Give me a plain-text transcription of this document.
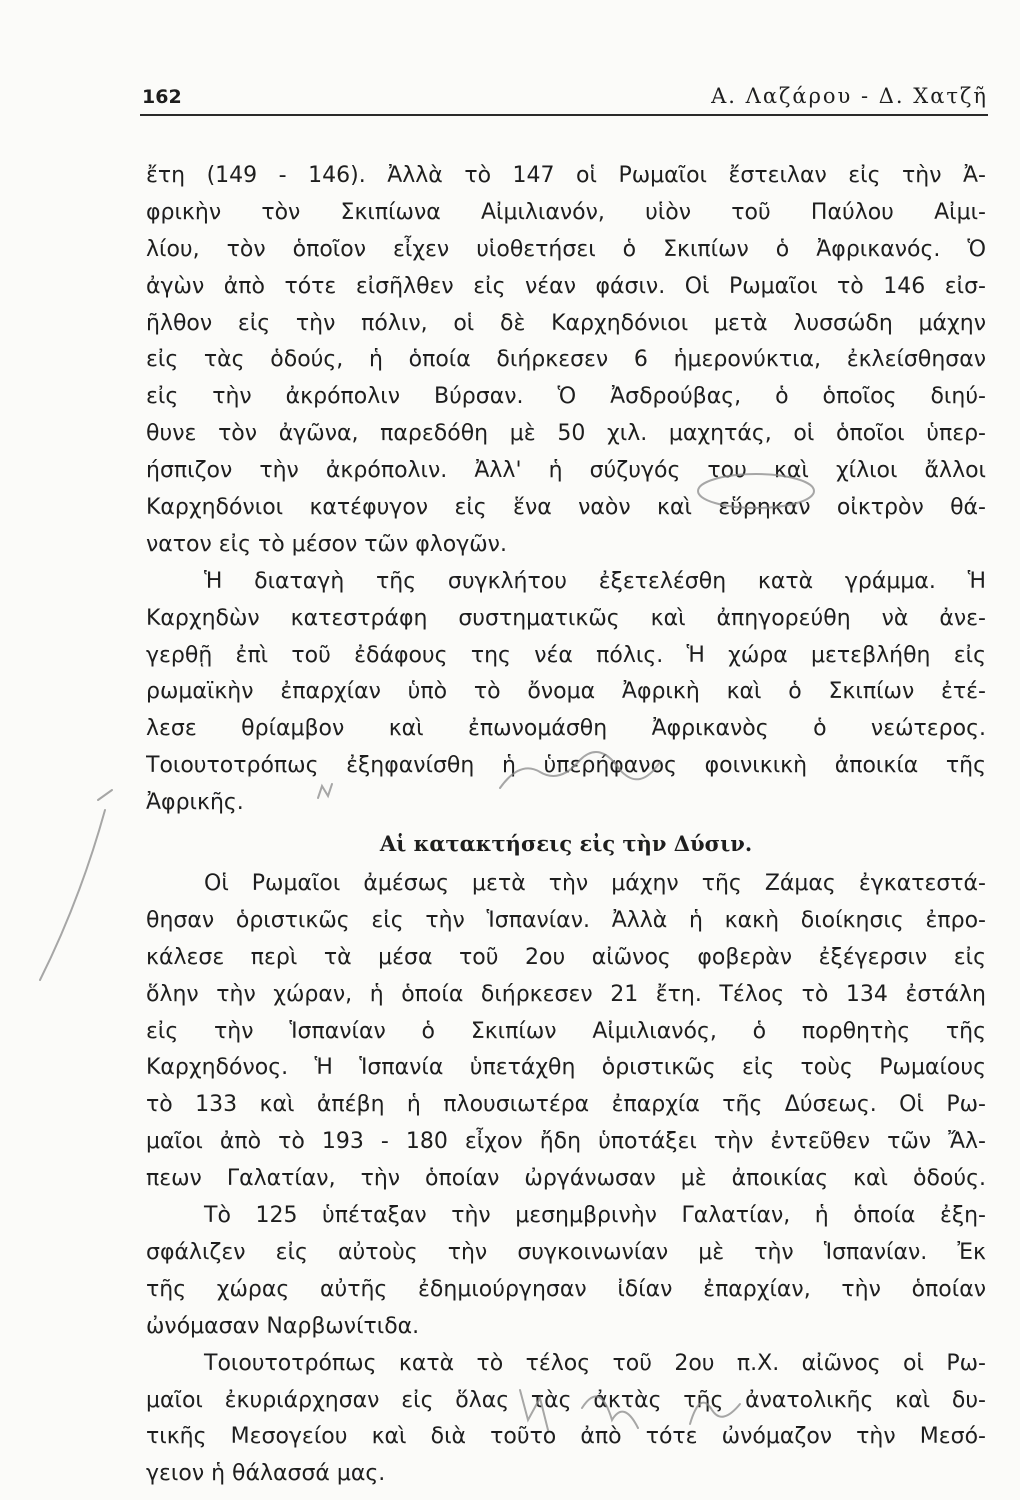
162	Α. Λαζάρου - Δ. Χατζῆ
ἔτη (149 - 146). Ἀλλὰ τὸ 147 οἱ Ρωμαῖοι ἔστειλαν εἰς τὴν Ἀ-
φρικὴν τὸν Σκιπίωνα Αἰμιλιανόν, υἱὸν τοῦ Παύλου Αἰμι-
λίου, τὸν ὁποῖον εἶχεν υἱοθετήσει ὁ Σκιπίων ὁ Ἀφρικανός. Ὁ
ἀγὼν ἀπὸ τότε εἰσῆλθεν εἰς νέαν φάσιν. Οἱ Ρωμαῖοι τὸ 146 εἰσ-
ῆλθον εἰς τὴν πόλιν, οἱ δὲ Καρχηδόνιοι μετὰ λυσσώδη μάχην
εἰς τὰς ὁδούς, ἡ ὁποία διήρκεσεν 6 ἡμερονύκτια, ἐκλείσθησαν
εἰς τὴν ἀκρόπολιν Βύρσαν. Ὁ Ἀσδρούβας, ὁ ὁποῖος διηύ-
θυνε τὸν ἀγῶνα, παρεδόθη μὲ 50 χιλ. μαχητάς, οἱ ὁποῖοι ὑπερ-
ήσπιζον τὴν ἀκρόπολιν. Ἀλλ' ἡ σύζυγός του καὶ χίλιοι ἄλλοι
Καρχηδόνιοι κατέφυγον εἰς ἕνα ναὸν καὶ εὕρηκαν οἰκτρὸν θά-
νατον εἰς τὸ μέσον τῶν φλογῶν.
Ἡ διαταγὴ τῆς συγκλήτου ἐξετελέσθη κατὰ γράμμα. Ἡ
Καρχηδὼν κατεστράφη συστηματικῶς καὶ ἀπηγορεύθη νὰ ἀνε-
γερθῇ ἐπὶ τοῦ ἐδάφους της νέα πόλις. Ἡ χώρα μετεβλήθη εἰς
ρωμαϊκὴν ἐπαρχίαν ὑπὸ τὸ ὄνομα Ἀφρικὴ καὶ ὁ Σκιπίων ἐτέ-
λεσε θρίαμβον καὶ ἐπωνομάσθη Ἀφρικανὸς ὁ νεώτερος.
Τοιουτοτρόπως ἐξηφανίσθη ἡ ὑπερήφανος φοινικικὴ ἀποικία τῆς
Ἀφρικῆς.
Αἱ κατακτήσεις εἰς τὴν Δύσιν.
Οἱ Ρωμαῖοι ἀμέσως μετὰ τὴν μάχην τῆς Ζάμας ἐγκατεστά-
θησαν ὁριστικῶς εἰς τὴν Ἱσπανίαν. Ἀλλὰ ἡ κακὴ διοίκησις ἐπρο-
κάλεσε περὶ τὰ μέσα τοῦ 2ου αἰῶνος φοβερὰν ἐξέγερσιν εἰς
ὅλην τὴν χώραν, ἡ ὁποία διήρκεσεν 21 ἔτη. Τέλος τὸ 134 ἐστάλη
εἰς τὴν Ἱσπανίαν ὁ Σκιπίων Αἰμιλιανός, ὁ πορθητὴς τῆς
Καρχηδόνος. Ἡ Ἱσπανία ὑπετάχθη ὁριστικῶς εἰς τοὺς Ρωμαίους
τὸ 133 καὶ ἀπέβη ἡ πλουσιωτέρα ἐπαρχία τῆς Δύσεως. Οἱ Ρω-
μαῖοι ἀπὸ τὸ 193 - 180 εἶχον ἤδη ὑποτάξει τὴν ἐντεῦθεν τῶν Ἄλ-
πεων Γαλατίαν, τὴν ὁποίαν ὠργάνωσαν μὲ ἀποικίας καὶ ὁδούς.
Τὸ 125 ὑπέταξαν τὴν μεσημβρινὴν Γαλατίαν, ἡ ὁποία ἐξη-
σφάλιζεν εἰς αὐτοὺς τὴν συγκοινωνίαν μὲ τὴν Ἱσπανίαν. Ἐκ
τῆς χώρας αὐτῆς ἐδημιούργησαν ἰδίαν ἐπαρχίαν, τὴν ὁποίαν
ὠνόμασαν Ναρβωνίτιδα.
Τοιουτοτρόπως κατὰ τὸ τέλος τοῦ 2ου π.Χ. αἰῶνος οἱ Ρω-
μαῖοι ἐκυριάρχησαν εἰς ὅλας τὰς ἀκτὰς τῆς ἀνατολικῆς καὶ δυ-
τικῆς Μεσογείου καὶ διὰ τοῦτο ἀπὸ τότε ὠνόμαζον τὴν Μεσό-
γειον ἡ θάλασσά μας.
